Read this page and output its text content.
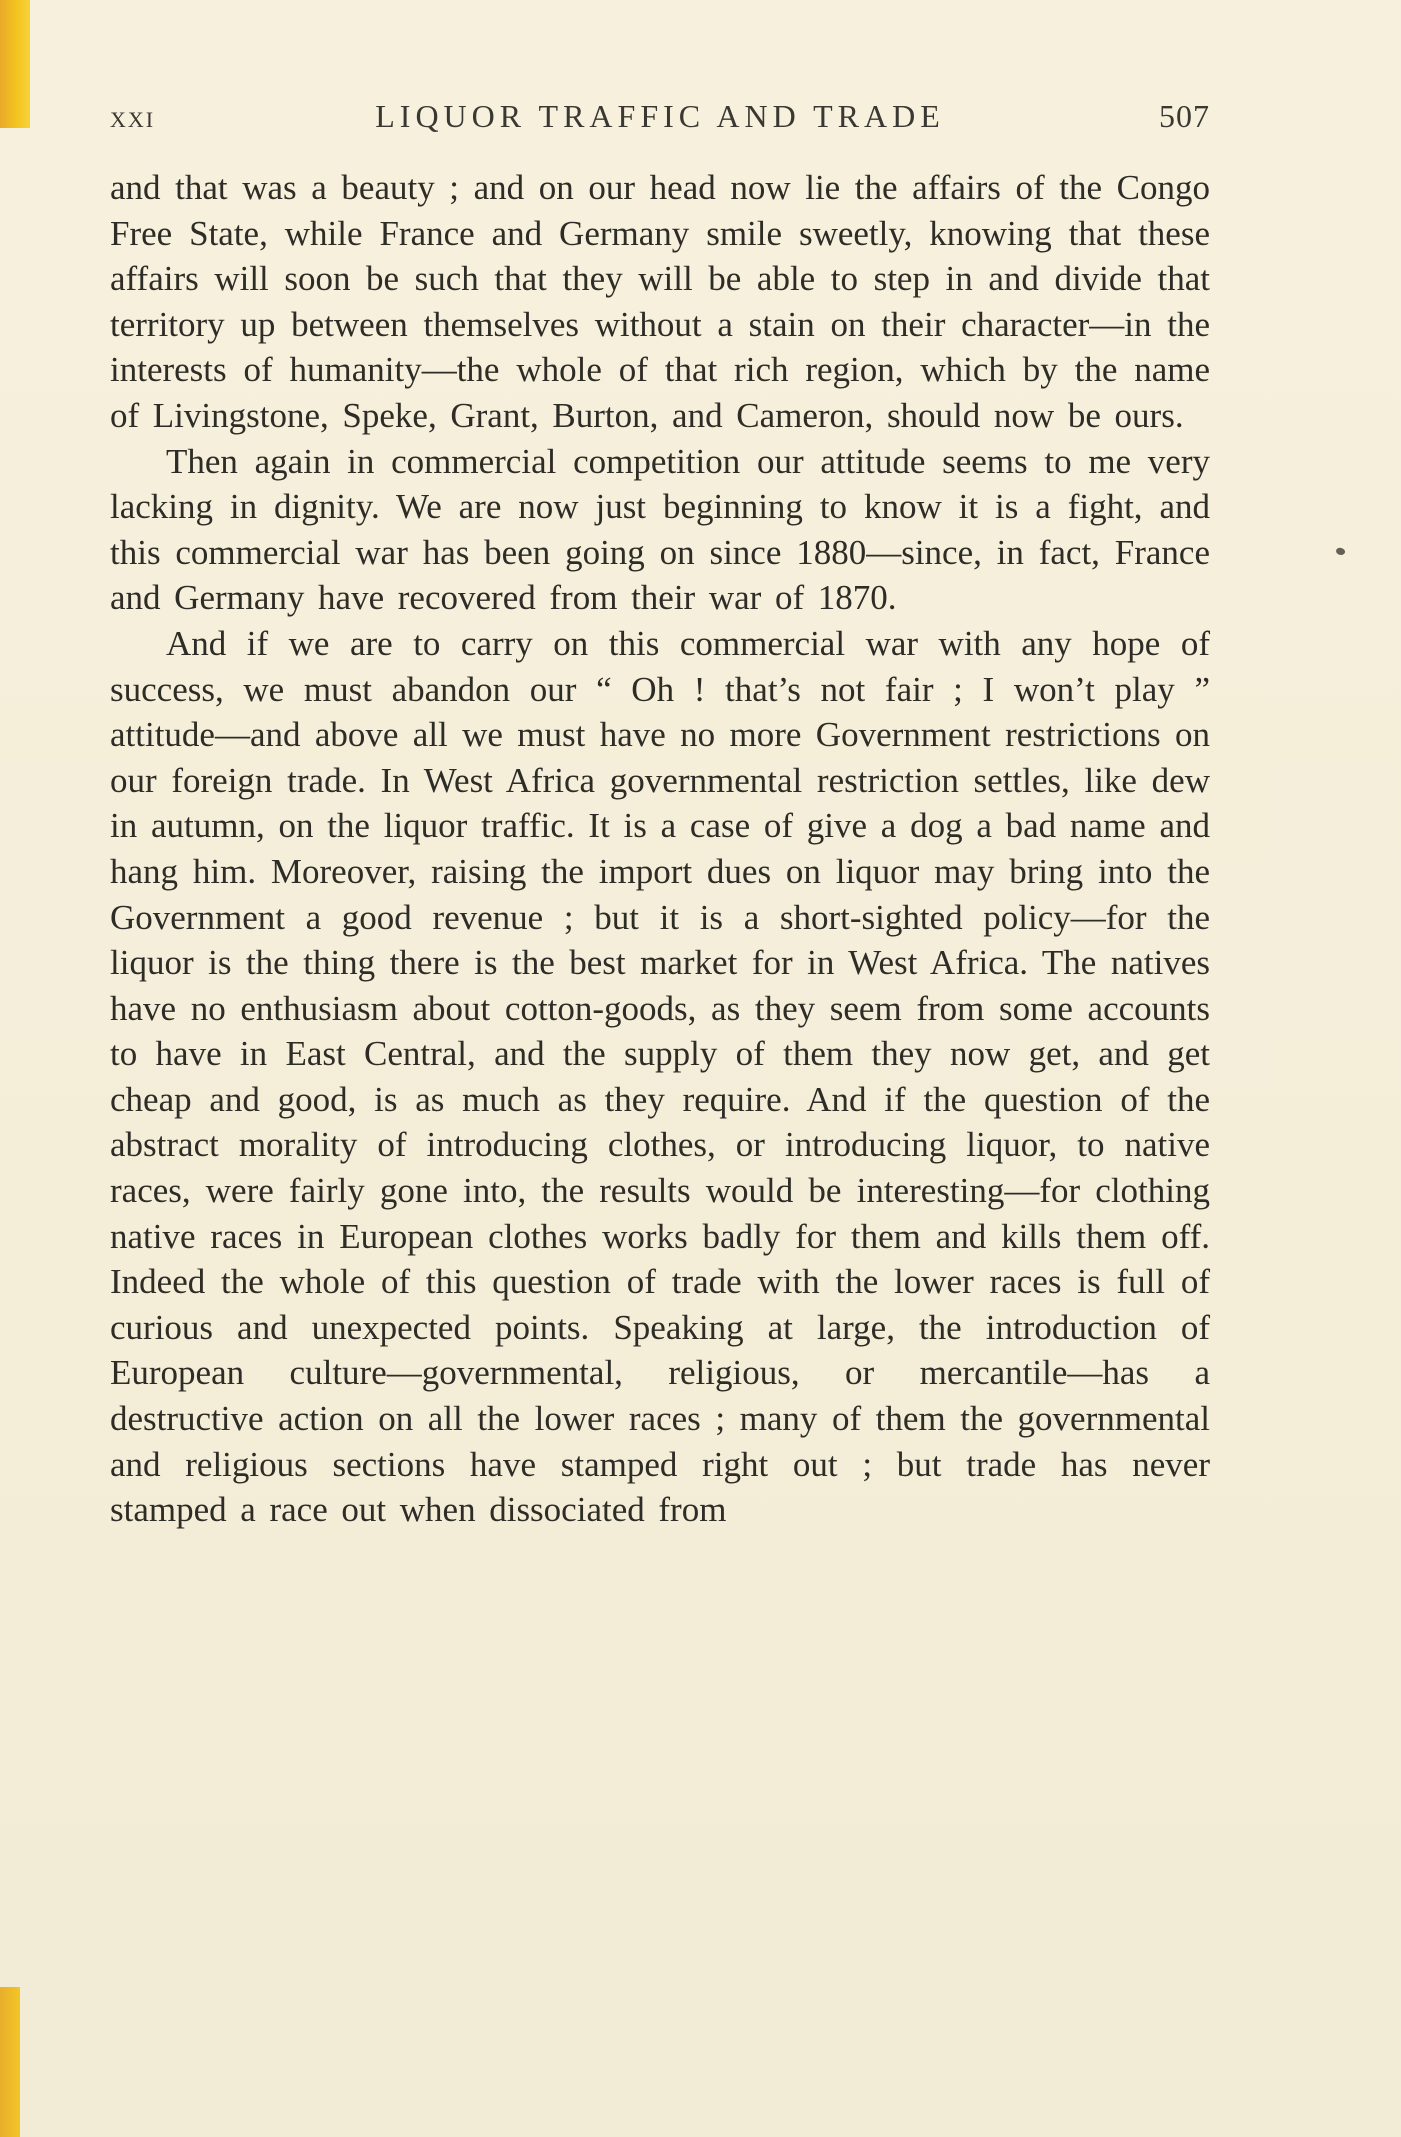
xxi	LIQUOR TRAFFIC AND TRADE	507

and that was a beauty ; and on our head now lie the affairs of the Congo Free State, while France and Germany smile sweetly, knowing that these affairs will soon be such that they will be able to step in and divide that territory up between themselves without a stain on their character—in the interests of humanity—the whole of that rich region, which by the name of Livingstone, Speke, Grant, Burton, and Cameron, should now be ours.

Then again in commercial competition our attitude seems to me very lacking in dignity. We are now just beginning to know it is a fight, and this commercial war has been going on since 1880—since, in fact, France and Germany have recovered from their war of 1870.

And if we are to carry on this commercial war with any hope of success, we must abandon our “ Oh ! that’s not fair ; I won’t play ” attitude—and above all we must have no more Government restrictions on our foreign trade. In West Africa governmental restriction settles, like dew in autumn, on the liquor traffic. It is a case of give a dog a bad name and hang him. Moreover, raising the import dues on liquor may bring into the Government a good revenue ; but it is a short-sighted policy—for the liquor is the thing there is the best market for in West Africa. The natives have no enthusiasm about cotton-goods, as they seem from some accounts to have in East Central, and the supply of them they now get, and get cheap and good, is as much as they require. And if the question of the abstract morality of introducing clothes, or introducing liquor, to native races, were fairly gone into, the results would be interesting—for clothing native races in European clothes works badly for them and kills them off. Indeed the whole of this question of trade with the lower races is full of curious and unexpected points. Speaking at large, the introduction of European culture—governmental, religious, or mercantile—has a destructive action on all the lower races ; many of them the governmental and religious sections have stamped right out ; but trade has never stamped a race out when dissociated from
